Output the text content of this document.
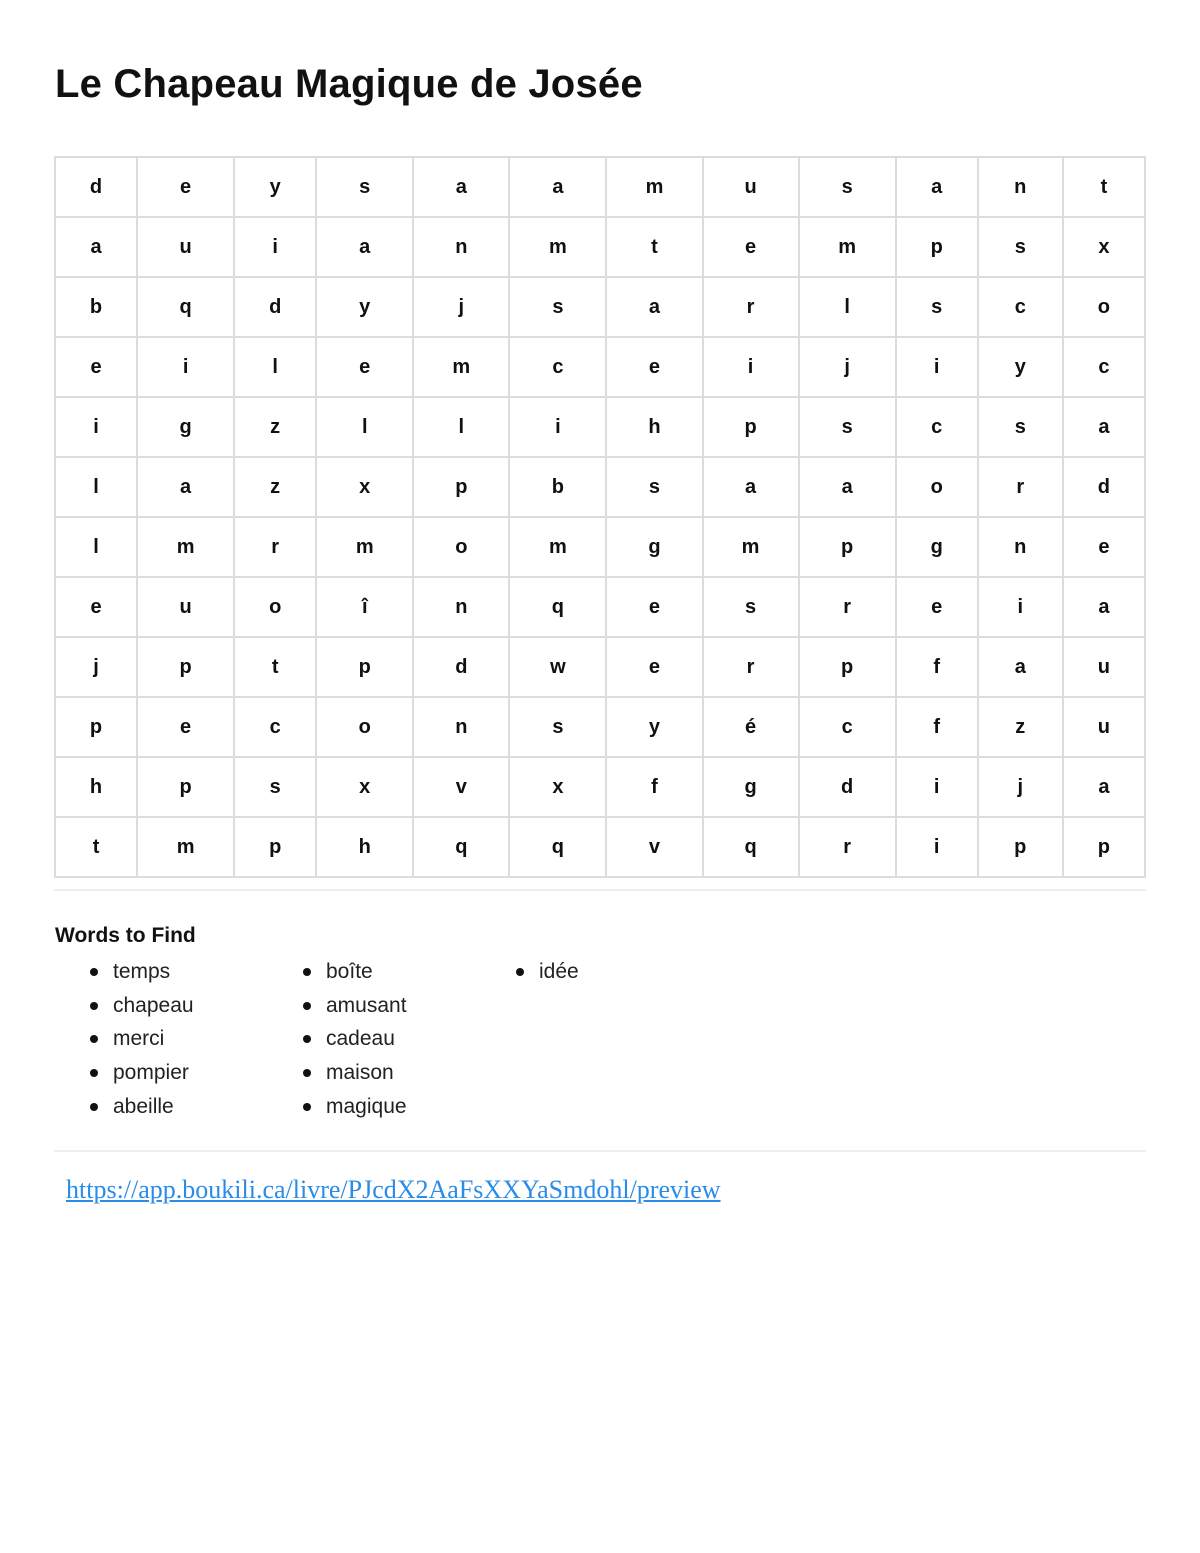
Le Chapeau Magique de Josée
d	e	y	s	a	a	m	u	s	a	n	t
a	u	i	a	n	m	t	e	m	p	s	x
b	q	d	y	j	s	a	r	l	s	c	o
e	i	l	e	m	c	e	i	j	i	y	c
i	g	z	l	l	i	h	p	s	c	s	a
l	a	z	x	p	b	s	a	a	o	r	d
l	m	r	m	o	m	g	m	p	g	n	e
e	u	o	î	n	q	e	s	r	e	i	a
j	p	t	p	d	w	e	r	p	f	a	u
p	e	c	o	n	s	y	é	c	f	z	u
h	p	s	x	v	x	f	g	d	i	j	a
t	m	p	h	q	q	v	q	r	i	p	p
Words to Find
temps
chapeau
merci
pompier
abeille
boîte
amusant
cadeau
maison
magique
idée
https://app.boukili.ca/livre/PJcdX2AaFsXXYaSmdohl/preview
